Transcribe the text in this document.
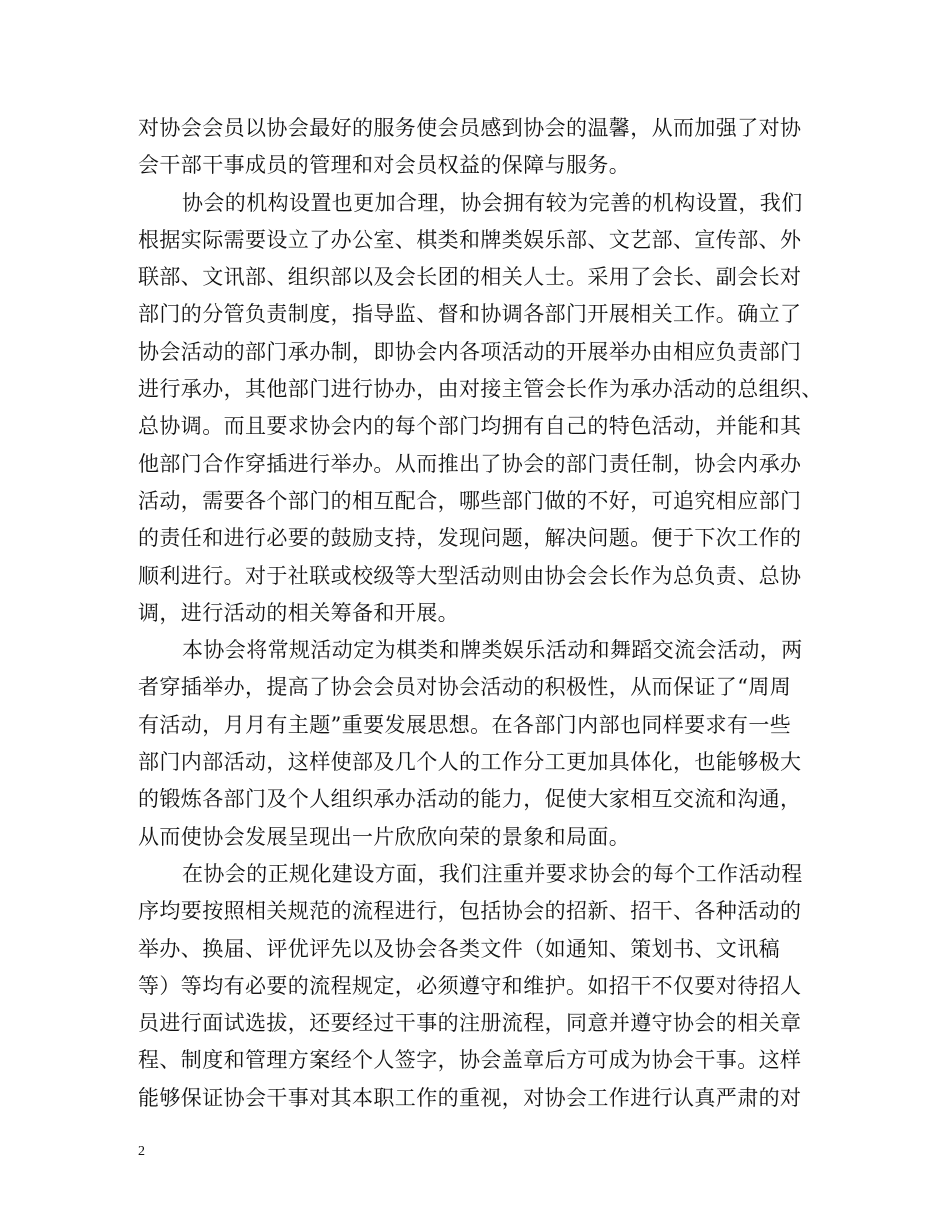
对协会会员以协会最好的服务使会员感到协会的温馨，从而加强了对协
会干部干事成员的管理和对会员权益的保障与服务。

协会的机构设置也更加合理，协会拥有较为完善的机构设置，我们
根据实际需要设立了办公室、棋类和牌类娱乐部、文艺部、宣传部、外
联部、文讯部、组织部以及会长团的相关人士。采用了会长、副会长对
部门的分管负责制度，指导监、督和协调各部门开展相关工作。确立了
协会活动的部门承办制，即协会内各项活动的开展举办由相应负责部门
进行承办，其他部门进行协办，由对接主管会长作为承办活动的总组织、
总协调。而且要求协会内的每个部门均拥有自己的特色活动，并能和其
他部门合作穿插进行举办。从而推出了协会的部门责任制，协会内承办
活动，需要各个部门的相互配合，哪些部门做的不好，可追究相应部门
的责任和进行必要的鼓励支持，发现问题，解决问题。便于下次工作的
顺利进行。对于社联或校级等大型活动则由协会会长作为总负责、总协
调，进行活动的相关筹备和开展。

本协会将常规活动定为棋类和牌类娱乐活动和舞蹈交流会活动，两
者穿插举办，提高了协会会员对协会活动的积极性，从而保证了“周周
有活动，月月有主题”重要发展思想。在各部门内部也同样要求有一些
部门内部活动，这样使部及几个人的工作分工更加具体化，也能够极大
的锻炼各部门及个人组织承办活动的能力，促使大家相互交流和沟通，
从而使协会发展呈现出一片欣欣向荣的景象和局面。

在协会的正规化建设方面，我们注重并要求协会的每个工作活动程
序均要按照相关规范的流程进行，包括协会的招新、招干、各种活动的
举办、换届、评优评先以及协会各类文件（如通知、策划书、文讯稿
等）等均有必要的流程规定，必须遵守和维护。如招干不仅要对待招人
员进行面试选拔，还要经过干事的注册流程，同意并遵守协会的相关章
程、制度和管理方案经个人签字，协会盖章后方可成为协会干事。这样
能够保证协会干事对其本职工作的重视，对协会工作进行认真严肃的对

2
